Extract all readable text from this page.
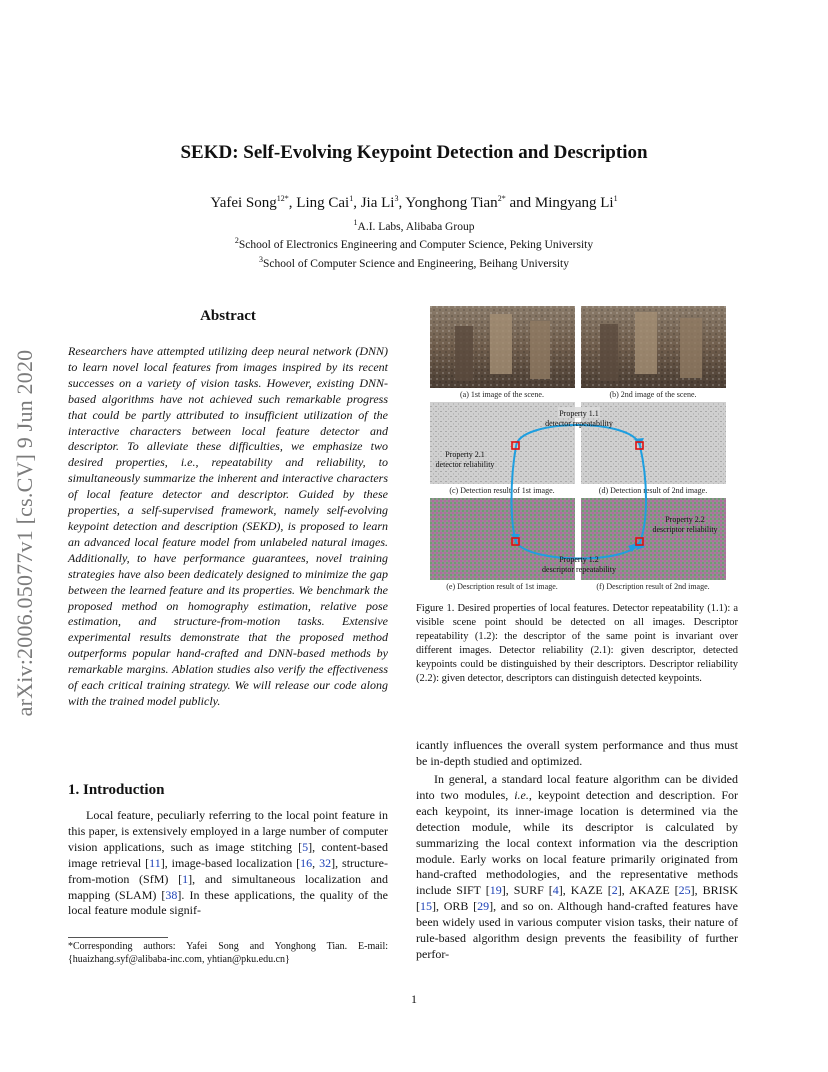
SEKD: Self-Evolving Keypoint Detection and Description
Yafei Song$^{12*}$, Ling Cai$^1$, Jia Li$^3$, Yonghong Tian$^{2*}$ and Mingyang Li$^1$
$^1$A.I. Labs, Alibaba Group
$^2$School of Electronics Engineering and Computer Science, Peking University
$^3$School of Computer Science and Engineering, Beihang University
arXiv:2006.05077v1 [cs.CV] 9 Jun 2020
Abstract
Researchers have attempted utilizing deep neural network (DNN) to learn novel local features from images inspired by its recent successes on a variety of vision tasks. However, existing DNN-based algorithms have not achieved such remarkable progress that could be partly attributed to insufficient utilization of the interactive characters between local feature detector and descriptor. To alleviate these difficulties, we emphasize two desired properties, i.e., repeatability and reliability, to simultaneously summarize the inherent and interactive characters of local feature detector and descriptor. Guided by these properties, a self-supervised framework, namely self-evolving keypoint detection and description (SEKD), is proposed to learn an advanced local feature model from unlabeled natural images. Additionally, to have performance guarantees, novel training strategies have also been dedicately designed to minimize the gap between the learned feature and its properties. We benchmark the proposed method on homography estimation, relative pose estimation, and structure-from-motion tasks. Extensive experimental results demonstrate that the proposed method outperforms popular hand-crafted and DNN-based methods by remarkable margins. Ablation studies also verify the effectiveness of each critical training strategy. We will release our code along with the trained model publicly.
1. Introduction
Local feature, peculiarly referring to the local point feature in this paper, is extensively employed in a large number of computer vision applications, such as image stitching [5], content-based image retrieval [11], image-based localization [16, 32], structure-from-motion (SfM) [1], and simultaneous localization and mapping (SLAM) [38]. In these applications, the quality of the local feature module signif-
*Corresponding authors: Yafei Song and Yonghong Tian. E-mail: {huaizhang.syf@alibaba-inc.com, yhtian@pku.edu.cn}
(a) 1st image of the scene.	(b) 2nd image of the scene.
(c) Detection result of 1st image.	(d) Detection result of 2nd image.
(e) Description result of 1st image.	(f) Description result of 2nd image.
Property 1.1
detector repeatability
Property 2.1
detector reliability
Property 2.2
descriptor reliability
Property 1.2
descriptor repeatability
Figure 1. Desired properties of local features. Detector repeatability (1.1): a visible scene point should be detected on all images. Descriptor repeatability (1.2): the descriptor of the same point is invariant over different images. Detector reliability (2.1): given descriptor, detected keypoints could be distinguished by their descriptors. Descriptor reliability (2.2): given detector, descriptors can distinguish detected keypoints.
icantly influences the overall system performance and thus must be in-depth studied and optimized.
In general, a standard local feature algorithm can be divided into two modules, i.e., keypoint detection and description. For each keypoint, its inner-image location is determined via the detection module, while its descriptor is calculated by summarizing the local context information via the description module. Early works on local feature primarily originated from hand-crafted methodologies, and the representative methods include SIFT [19], SURF [4], KAZE [2], AKAZE [25], BRISK [15], ORB [29], and so on. Although hand-crafted features have been widely used in various computer vision tasks, their nature of rule-based algorithm design prevents the feasibility of further perfor-
1
